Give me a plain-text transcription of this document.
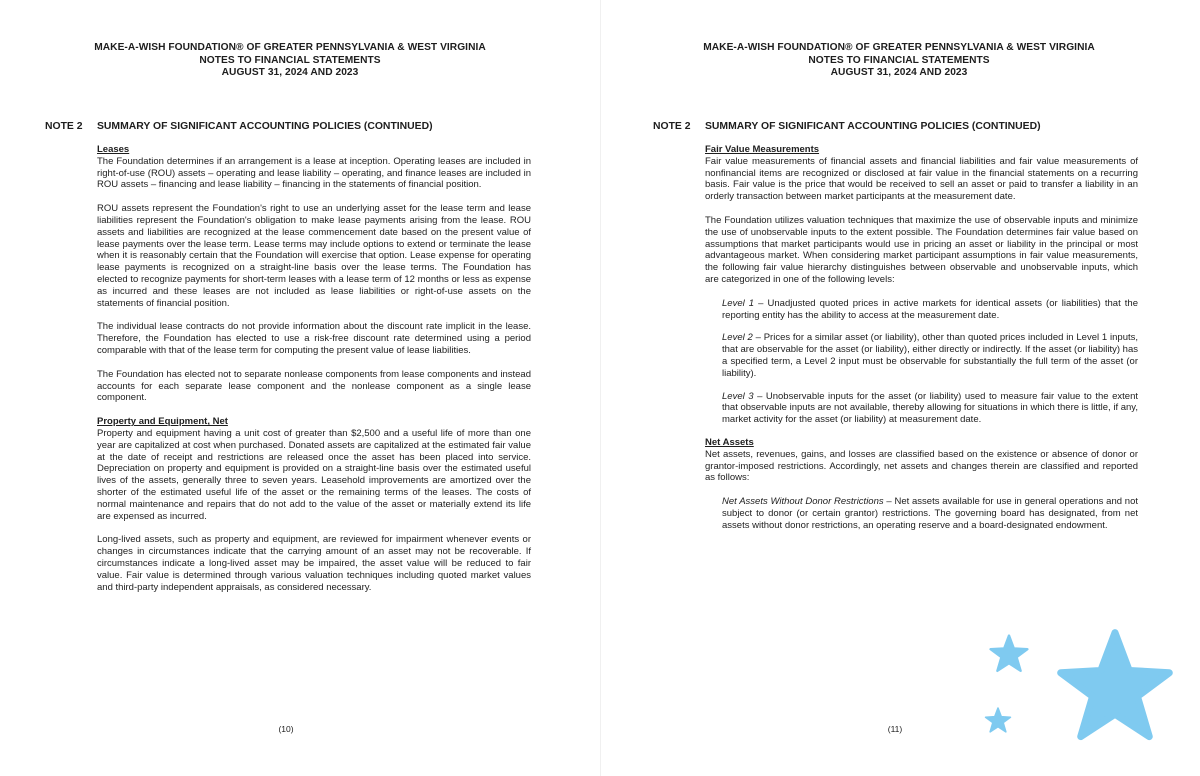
MAKE-A-WISH FOUNDATION® OF GREATER PENNSYLVANIA & WEST VIRGINIA
NOTES TO FINANCIAL STATEMENTS
AUGUST 31, 2024 AND 2023
NOTE 2 SUMMARY OF SIGNIFICANT ACCOUNTING POLICIES (CONTINUED)
Leases

The Foundation determines if an arrangement is a lease at inception. Operating leases are included in right-of-use (ROU) assets – operating and lease liability – operating, and finance leases are included in ROU assets – financing and lease liability – financing in the statements of financial position.

ROU assets represent the Foundation's right to use an underlying asset for the lease term and lease liabilities represent the Foundation's obligation to make lease payments arising from the lease. ROU assets and liabilities are recognized at the lease commencement date based on the present value of lease payments over the lease term. Lease terms may include options to extend or terminate the lease when it is reasonably certain that the Foundation will exercise that option. Lease expense for operating lease payments is recognized on a straight-line basis over the lease terms. The Foundation has elected to recognize payments for short-term leases with a lease term of 12 months or less as expense as incurred and these leases are not included as lease liabilities or right-of-use assets on the statements of financial position.

The individual lease contracts do not provide information about the discount rate implicit in the lease. Therefore, the Foundation has elected to use a risk-free discount rate determined using a period comparable with that of the lease term for computing the present value of lease liabilities.

The Foundation has elected not to separate nonlease components from lease components and instead accounts for each separate lease component and the nonlease component as a single lease component.

Property and Equipment, Net

Property and equipment having a unit cost of greater than $2,500 and a useful life of more than one year are capitalized at cost when purchased. Donated assets are capitalized at the estimated fair value at the date of receipt and restrictions are released once the asset has been placed into service. Depreciation on property and equipment is provided on a straight-line basis over the estimated useful lives of the assets, generally three to seven years. Leasehold improvements are amortized over the shorter of the estimated useful life of the asset or the remaining terms of the leases. The costs of normal maintenance and repairs that do not add to the value of the asset or materially extend its life are expensed as incurred.

Long-lived assets, such as property and equipment, are reviewed for impairment whenever events or changes in circumstances indicate that the carrying amount of an asset may not be recoverable. If circumstances indicate a long-lived asset may be impaired, the asset value will be reduced to fair value. Fair value is determined through various valuation techniques including quoted market values and third-party independent appraisals, as considered necessary.

(10)
MAKE-A-WISH FOUNDATION® OF GREATER PENNSYLVANIA & WEST VIRGINIA
NOTES TO FINANCIAL STATEMENTS
AUGUST 31, 2024 AND 2023
NOTE 2 SUMMARY OF SIGNIFICANT ACCOUNTING POLICIES (CONTINUED)
Fair Value Measurements

Fair value measurements of financial assets and financial liabilities and fair value measurements of nonfinancial items are recognized or disclosed at fair value in the financial statements on a recurring basis. Fair value is the price that would be received to sell an asset or paid to transfer a liability in an orderly transaction between market participants at the measurement date.

The Foundation utilizes valuation techniques that maximize the use of observable inputs and minimize the use of unobservable inputs to the extent possible. The Foundation determines fair value based on assumptions that market participants would use in pricing an asset or liability in the principal or most advantageous market. When considering market participant assumptions in fair value measurements, the following fair value hierarchy distinguishes between observable and unobservable inputs, which are categorized in one of the following levels:

Level 1 – Unadjusted quoted prices in active markets for identical assets (or liabilities) that the reporting entity has the ability to access at the measurement date.
Level 2 – Prices for a similar asset (or liability), other than quoted prices included in Level 1 inputs, that are observable for the asset (or liability), either directly or indirectly. If the asset (or liability) has a specified term, a Level 2 input must be observable for substantially the full term of the asset (or liability).
Level 3 – Unobservable inputs for the asset (or liability) used to measure fair value to the extent that observable inputs are not available, thereby allowing for situations in which there is little, if any, market activity for the asset (or liability) at measurement date.
Net Assets

Net assets, revenues, gains, and losses are classified based on the existence or absence of donor or grantor-imposed restrictions. Accordingly, net assets and changes therein are classified and reported as follows:

Net Assets Without Donor Restrictions – Net assets available for use in general operations and not subject to donor (or certain grantor) restrictions. The governing board has designated, from net assets without donor restrictions, an operating reserve and a board-designated endowment.
(11)
